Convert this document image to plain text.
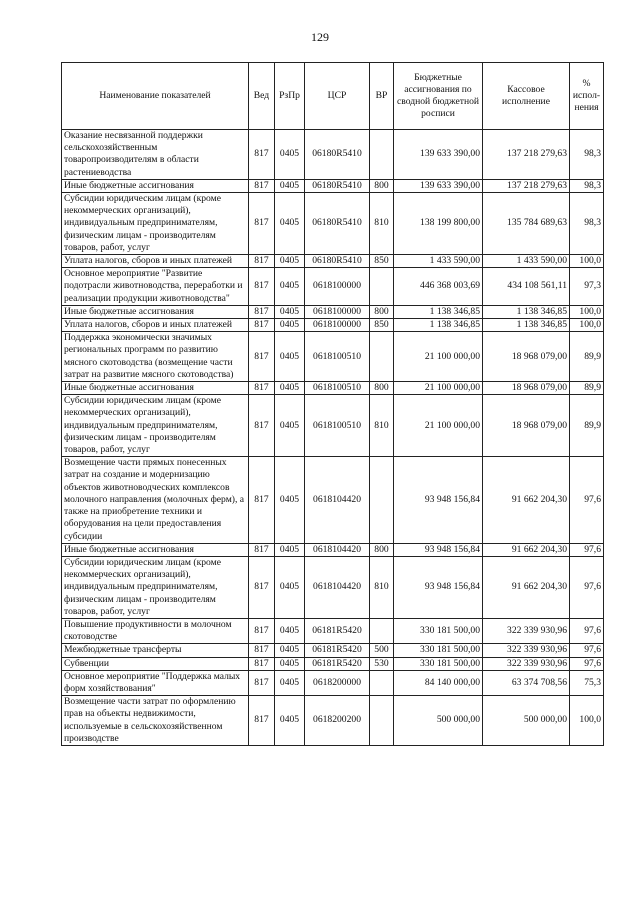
129
Наименование показателей	Вед	РзПр	ЦСР	ВР	Бюджетные ассигнования по сводной бюджетной росписи	Кассовое исполнение	% испол-нения
Оказание несвязанной поддержки сельскохозяйственным товаропроизводителям в области растениеводства	817	0405	06180R5410		139 633 390,00	137 218 279,63	98,3
Иные бюджетные ассигнования	817	0405	06180R5410	800	139 633 390,00	137 218 279,63	98,3
Субсидии юридическим лицам (кроме некоммерческих организаций), индивидуальным предпринимателям, физическим лицам - производителям товаров, работ, услуг	817	0405	06180R5410	810	138 199 800,00	135 784 689,63	98,3
Уплата налогов, сборов и иных платежей	817	0405	06180R5410	850	1 433 590,00	1 433 590,00	100,0
Основное мероприятие "Развитие подотрасли животноводства, переработки и реализации продукции животноводства"	817	0405	0618100000		446 368 003,69	434 108 561,11	97,3
Иные бюджетные ассигнования	817	0405	0618100000	800	1 138 346,85	1 138 346,85	100,0
Уплата налогов, сборов и иных платежей	817	0405	0618100000	850	1 138 346,85	1 138 346,85	100,0
Поддержка экономически значимых региональных программ по развитию мясного скотоводства (возмещение части затрат на развитие мясного скотоводства)	817	0405	0618100510		21 100 000,00	18 968 079,00	89,9
Иные бюджетные ассигнования	817	0405	0618100510	800	21 100 000,00	18 968 079,00	89,9
Субсидии юридическим лицам (кроме некоммерческих организаций), индивидуальным предпринимателям, физическим лицам - производителям товаров, работ, услуг	817	0405	0618100510	810	21 100 000,00	18 968 079,00	89,9
Возмещение части прямых понесенных затрат на создание и модернизацию объектов животноводческих комплексов молочного направления (молочных ферм), а также на приобретение техники и оборудования на цели предоставления субсидии	817	0405	0618104420		93 948 156,84	91 662 204,30	97,6
Иные бюджетные ассигнования	817	0405	0618104420	800	93 948 156,84	91 662 204,30	97,6
Субсидии юридическим лицам (кроме некоммерческих организаций), индивидуальным предпринимателям, физическим лицам - производителям товаров, работ, услуг	817	0405	0618104420	810	93 948 156,84	91 662 204,30	97,6
Повышение продуктивности в молочном скотоводстве	817	0405	06181R5420		330 181 500,00	322 339 930,96	97,6
Межбюджетные трансферты	817	0405	06181R5420	500	330 181 500,00	322 339 930,96	97,6
Субвенции	817	0405	06181R5420	530	330 181 500,00	322 339 930,96	97,6
Основное мероприятие "Поддержка малых форм хозяйствования"	817	0405	0618200000		84 140 000,00	63 374 708,56	75,3
Возмещение части затрат по оформлению прав на объекты недвижимости, используемые в сельскохозяйственном производстве	817	0405	0618200200		500 000,00	500 000,00	100,0
